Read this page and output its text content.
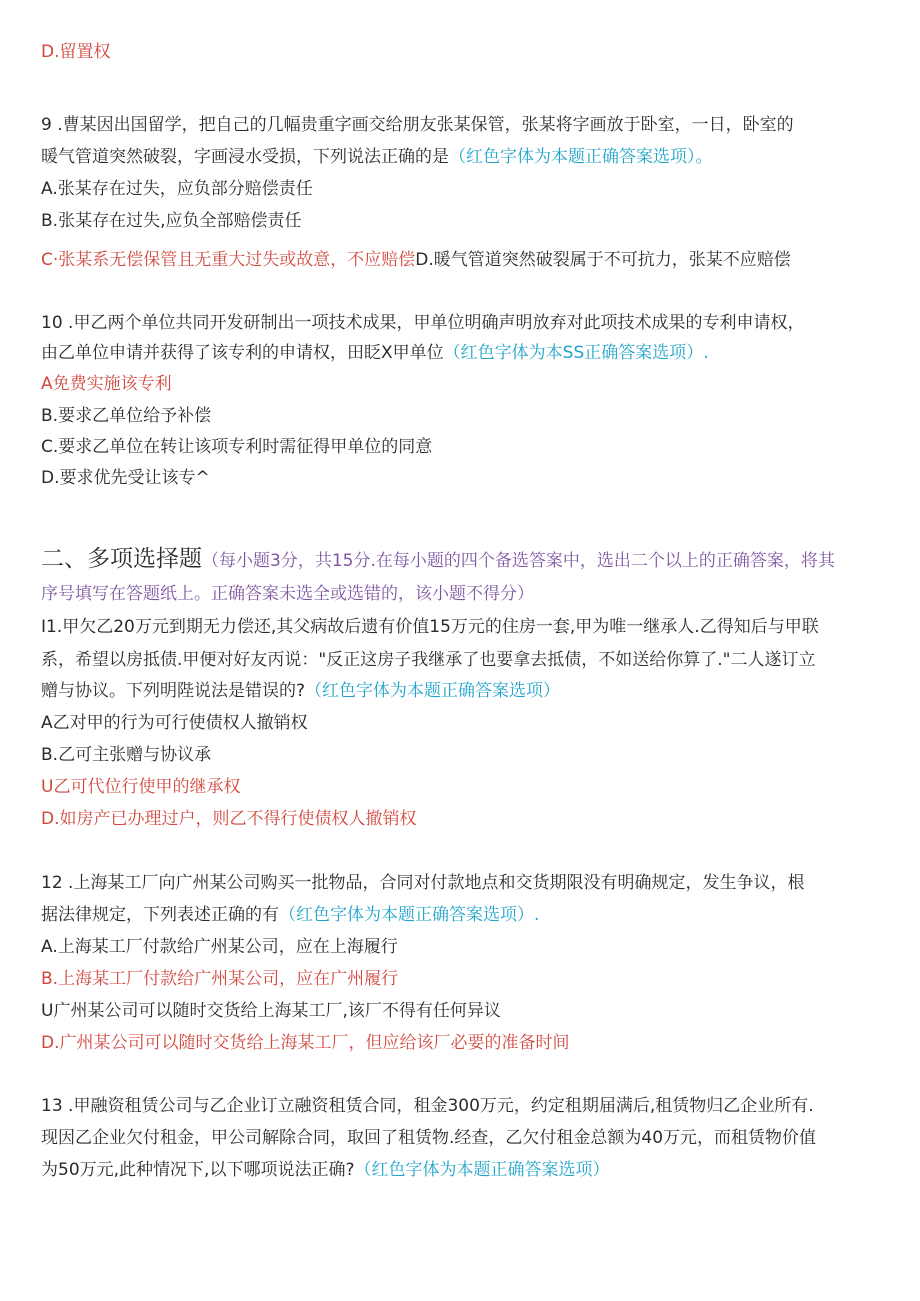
D.留置权
9 .曹某因出国留学，把自己的几幅贵重字画交给朋友张某保管，张某将字画放于卧室，一日，卧室的
暖气管道突然破裂，字画浸水受损，下列说法正确的是（红色字体为本题正确答案选项）。
A.张某存在过失，应负部分赔偿责任
B.张某存在过失,应负全部赔偿责任
C·张某系无偿保管且无重大过失或故意，不应赔偿D.暖气管道突然破裂属于不可抗力，张某不应赔偿
10 .甲乙两个单位共同开发研制出一项技术成果，甲单位明确声明放弃对此项技术成果的专利申请权，
由乙单位申请并获得了该专利的申请权，田眨X甲单位（红色字体为本SS正确答案选项）.
A免费实施该专利
B.要求乙单位给予补偿
C.要求乙单位在转让该项专利时需征得甲单位的同意
D.要求优先受让该专^
二、多项选择题（每小题3分，共15分.在每小题的四个备选答案中，选出二个以上的正确答案，将其
序号填写在答题纸上。正确答案未选全或选错的，该小题不得分）
I1.甲欠乙20万元到期无力偿还,其父病故后遗有价值15万元的住房一套,甲为唯一继承人.乙得知后与甲联
系，希望以房抵债.甲便对好友丙说："反正这房子我继承了也要拿去抵债，不如送给你算了."二人遂订立
赠与协议。下列明陛说法是错误的?（红色字体为本题正确答案选项）
A乙对甲的行为可行使债权人撤销权
B.乙可主张赠与协议承
U乙可代位行使甲的继承权
D.如房产已办理过户，则乙不得行使债权人撤销权
12 .上海某工厂向广州某公司购买一批物品，合同对付款地点和交货期限没有明确规定，发生争议，根
据法律规定，下列表述正确的有（红色字体为本题正确答案选项）.
A.上海某工厂付款给广州某公司，应在上海履行
B.上海某工厂付款给广州某公司，应在广州履行
U广州某公司可以随时交货给上海某工厂,该厂不得有任何异议
D.广州某公司可以随时交货给上海某工厂，但应给该厂必要的准备时间
13 .甲融资租赁公司与乙企业订立融资租赁合同，租金300万元，约定租期届满后,租赁物归乙企业所有.
现因乙企业欠付租金，甲公司解除合同，取回了租赁物.经查，乙欠付租金总额为40万元，而租赁物价值
为50万元,此种情况下,以下哪项说法正确?（红色字体为本题正确答案选项）
